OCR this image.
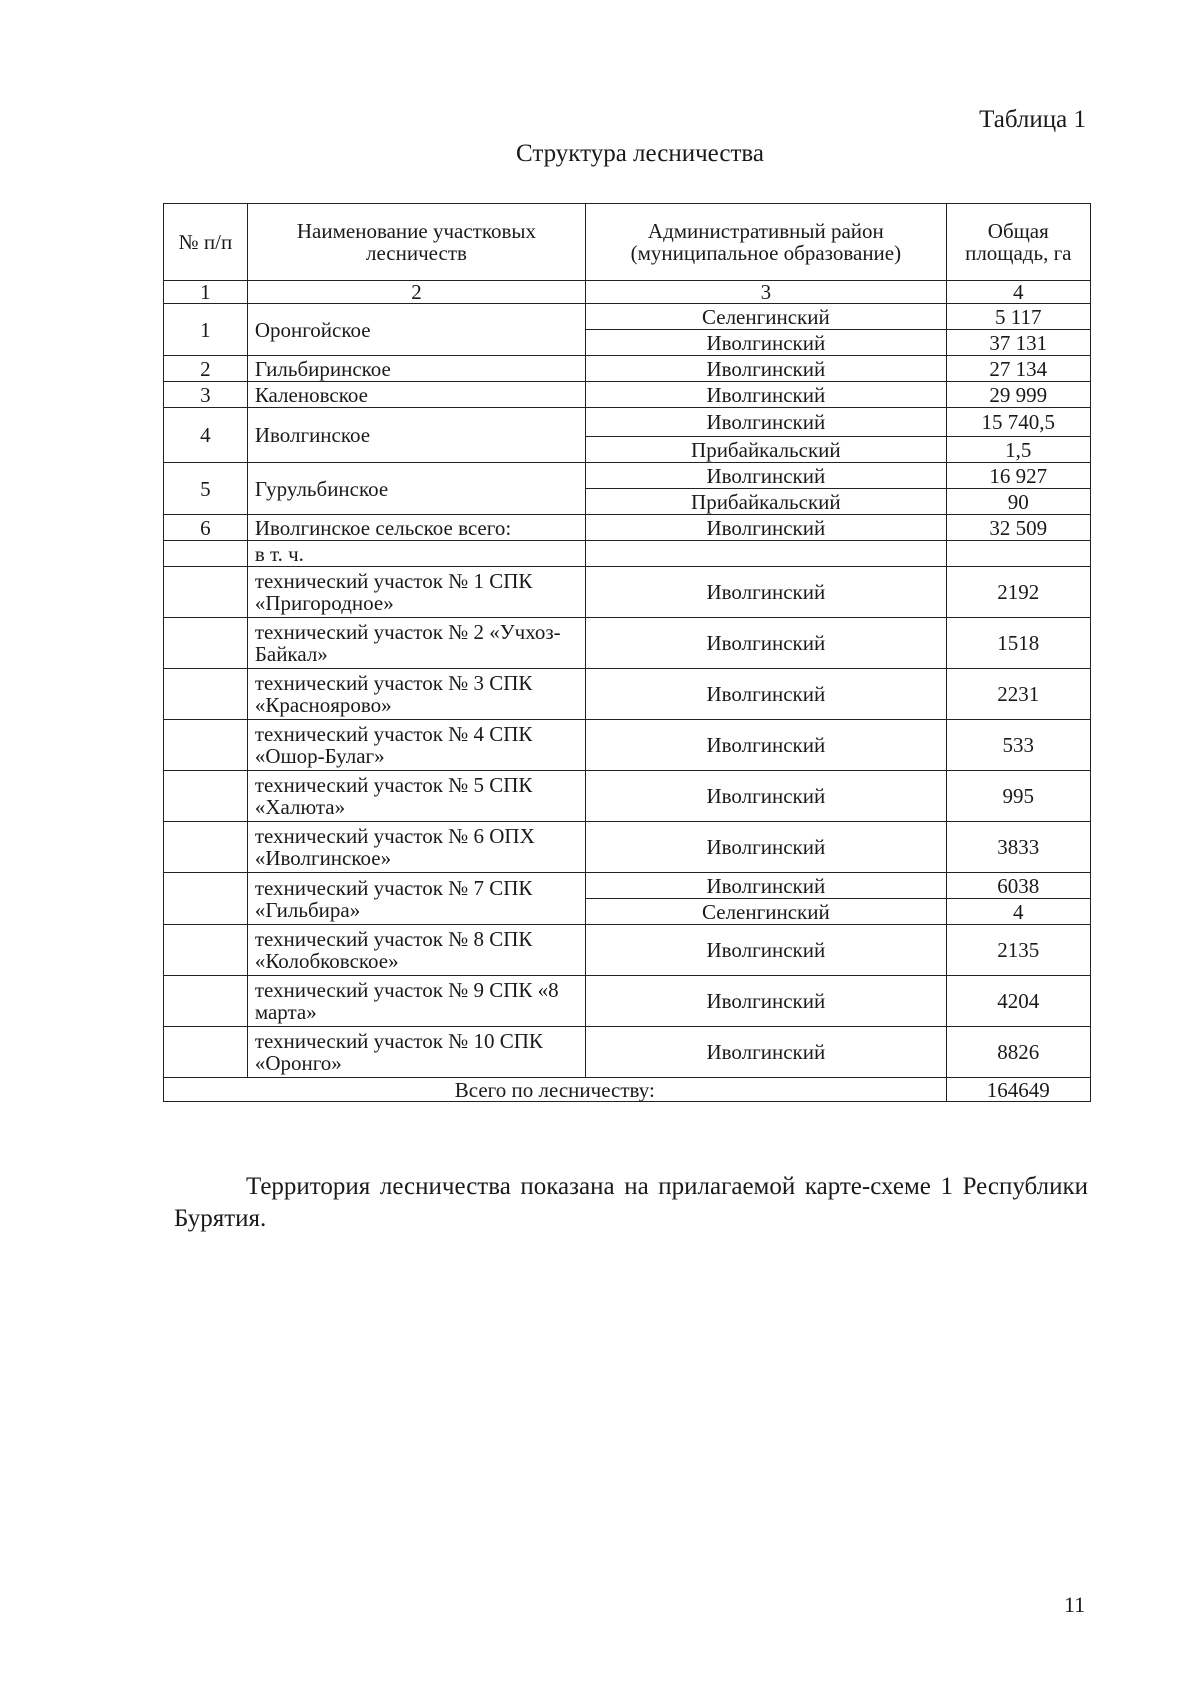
Таблица 1
Структура лесничества
№ п/п	Наименование участковых лесничеств	Административный район (муниципальное образование)	Общая площадь, га
1	2	3	4
1	Оронгойское	Селенгинский	5 117
		Иволгинский	37 131
2	Гильбиринское	Иволгинский	27 134
3	Каленовское	Иволгинский	29 999
4	Иволгинское	Иволгинский	15 740,5
		Прибайкальский	1,5
5	Гурульбинское	Иволгинский	16 927
		Прибайкальский	90
6	Иволгинское сельское всего:	Иволгинский	32 509
	в т. ч.		
	технический участок № 1 СПК «Пригородное»	Иволгинский	2192
	технический участок № 2 «Учхоз-Байкал»	Иволгинский	1518
	технический участок № 3 СПК «Краснoярово»	Иволгинский	2231
	технический участок № 4 СПК «Ошор-Булаг»	Иволгинский	533
	технический участок № 5 СПК «Халюта»	Иволгинский	995
	технический участок № 6 ОПХ «Иволгинское»	Иволгинский	3833
	технический участок № 7 СПК «Гильбира»	Иволгинский	6038
		Селенгинский	4
	технический участок № 8 СПК «Колобковское»	Иволгинский	2135
	технический участок № 9 СПК «8 марта»	Иволгинский	4204
	технический участок № 10 СПК «Оронго»	Иволгинский	8826
Всего по лесничеству:			164649

Территория лесничества показана на прилагаемой карте-схеме 1 Республики Бурятия.

11
